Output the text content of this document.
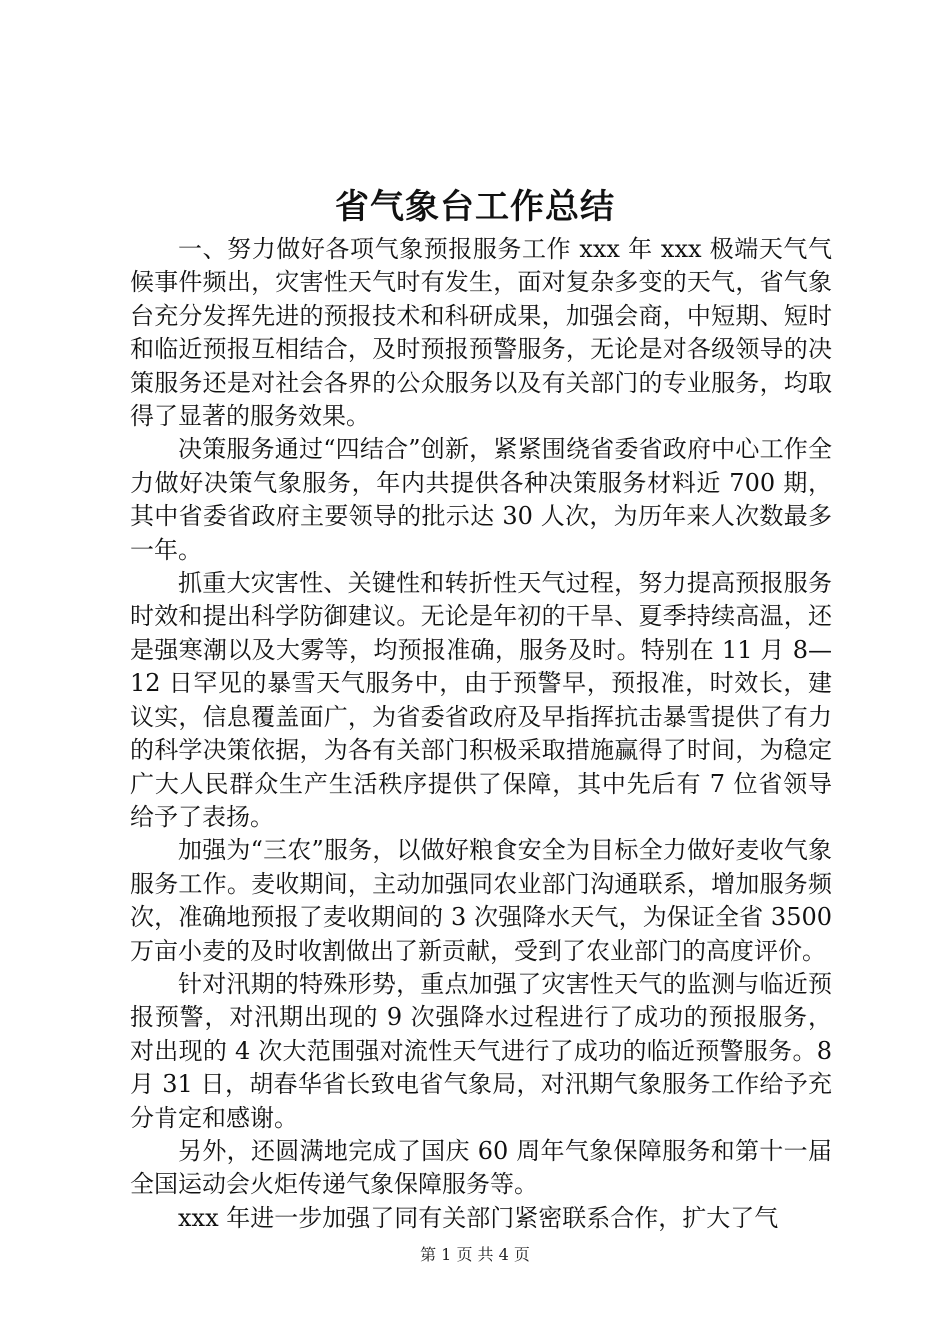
省气象台工作总结

一、努力做好各项气象预报服务工作 xxx 年 xxx 极端天气气候事件频出，灾害性天气时有发生，面对复杂多变的天气，省气象台充分发挥先进的预报技术和科研成果，加强会商，中短期、短时和临近预报互相结合，及时预报预警服务，无论是对各级领导的决策服务还是对社会各界的公众服务以及有关部门的专业服务，均取得了显著的服务效果。

决策服务通过“四结合”创新，紧紧围绕省委省政府中心工作全力做好决策气象服务，年内共提供各种决策服务材料近 700 期，其中省委省政府主要领导的批示达 30 人次，为历年来人次数最多一年。

抓重大灾害性、关键性和转折性天气过程，努力提高预报服务时效和提出科学防御建议。无论是年初的干旱、夏季持续高温，还是强寒潮以及大雾等，均预报准确，服务及时。特别在 11 月 8—12 日罕见的暴雪天气服务中，由于预警早，预报准，时效长，建议实，信息覆盖面广，为省委省政府及早指挥抗击暴雪提供了有力的科学决策依据，为各有关部门积极采取措施赢得了时间，为稳定广大人民群众生产生活秩序提供了保障，其中先后有 7 位省领导给予了表扬。

加强为“三农”服务，以做好粮食安全为目标全力做好麦收气象服务工作。麦收期间，主动加强同农业部门沟通联系，增加服务频次，准确地预报了麦收期间的 3 次强降水天气，为保证全省 3500 万亩小麦的及时收割做出了新贡献，受到了农业部门的高度评价。

针对汛期的特殊形势，重点加强了灾害性天气的监测与临近预报预警，对汛期出现的 9 次强降水过程进行了成功的预报服务，对出现的 4 次大范围强对流性天气进行了成功的临近预警服务。8 月 31 日，胡春华省长致电省气象局，对汛期气象服务工作给予充分肯定和感谢。

另外，还圆满地完成了国庆 60 周年气象保障服务和第十一届全国运动会火炬传递气象保障服务等。

xxx 年进一步加强了同有关部门紧密联系合作，扩大了气

第 1 页 共 4 页
